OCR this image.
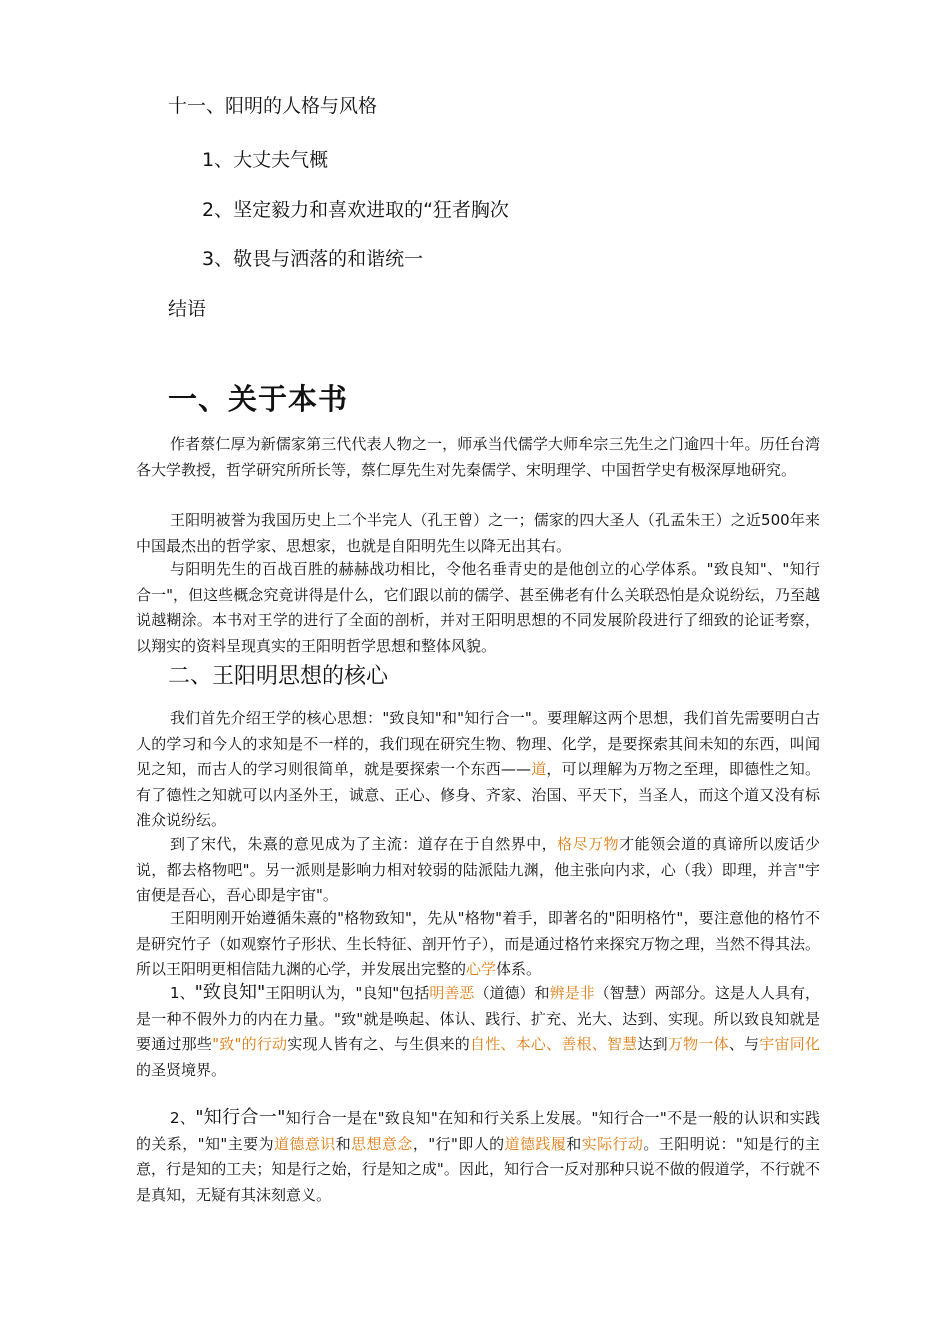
十一、阳明的人格与风格
1、大丈夫气概
2、坚定毅力和喜欢进取的“狂者胸次
3、敬畏与洒落的和谐统一
结语
一、关于本书

作者蔡仁厚为新儒家第三代代表人物之一，师承当代儒学大师牟宗三先生之门逾四十年。历任台湾各大学教授，哲学研究所所长等，蔡仁厚先生对先秦儒学、宋明理学、中国哲学史有极深厚地研究。

王阳明被誉为我国历史上二个半完人（孔王曾）之一；儒家的四大圣人（孔孟朱王）之近500年来中国最杰出的哲学家、思想家，也就是自阳明先生以降无出其右。

与阳明先生的百战百胜的赫赫战功相比，令他名垂青史的是他创立的心学体系。"致良知"、"知行合一"，但这些概念究竟讲得是什么，它们跟以前的儒学、甚至佛老有什么关联恐怕是众说纷纭，乃至越说越糊涂。本书对王学的进行了全面的剖析，并对王阳明思想的不同发展阶段进行了细致的论证考察，以翔实的资料呈现真实的王阳明哲学思想和整体风貌。

二、王阳明思想的核心

我们首先介绍王学的核心思想："致良知"和"知行合一"。要理解这两个思想，我们首先需要明白古人的学习和今人的求知是不一样的，我们现在研究生物、物理、化学，是要探索其间未知的东西，叫闻见之知，而古人的学习则很简单，就是要探索一个东西——道，可以理解为万物之至理，即德性之知。有了德性之知就可以内圣外王，诚意、正心、修身、齐家、治国、平天下，当圣人，而这个道又没有标准众说纷纭。

到了宋代，朱熹的意见成为了主流：道存在于自然界中，格尽万物才能领会道的真谛所以废话少说，都去格物吧"。另一派则是影响力相对较弱的陆派陆九渊，他主张向内求，心（我）即理，并言"宇宙便是吾心，吾心即是宇宙"。

王阳明刚开始遵循朱熹的"格物致知"，先从"格物"着手，即著名的"阳明格竹"，要注意他的格竹不是研究竹子（如观察竹子形状、生长特征、剖开竹子），而是通过格竹来探究万物之理，当然不得其法。所以王阳明更相信陆九渊的心学，并发展出完整的心学体系。

1、"致良知"王阳明认为，"良知"包括明善恶（道德）和辨是非（智慧）两部分。这是人人具有，是一种不假外力的内在力量。"致"就是唤起、体认、践行、扩充、光大、达到、实现。所以致良知就是要通过那些"致"的行动实现人皆有之、与生俱来的自性、本心、善根、智慧达到万物一体、与宇宙同化的圣贤境界。

2、"知行合一"知行合一是在"致良知"在知和行关系上发展。"知行合一"不是一般的认识和实践的关系，"知"主要为道德意识和思想意念，"行"即人的道德践履和实际行动。王阳明说："知是行的主意，行是知的工夫；知是行之始，行是知之成"。因此，知行合一反对那种只说不做的假道学，不行就不是真知，无疑有其沫刻意义。
